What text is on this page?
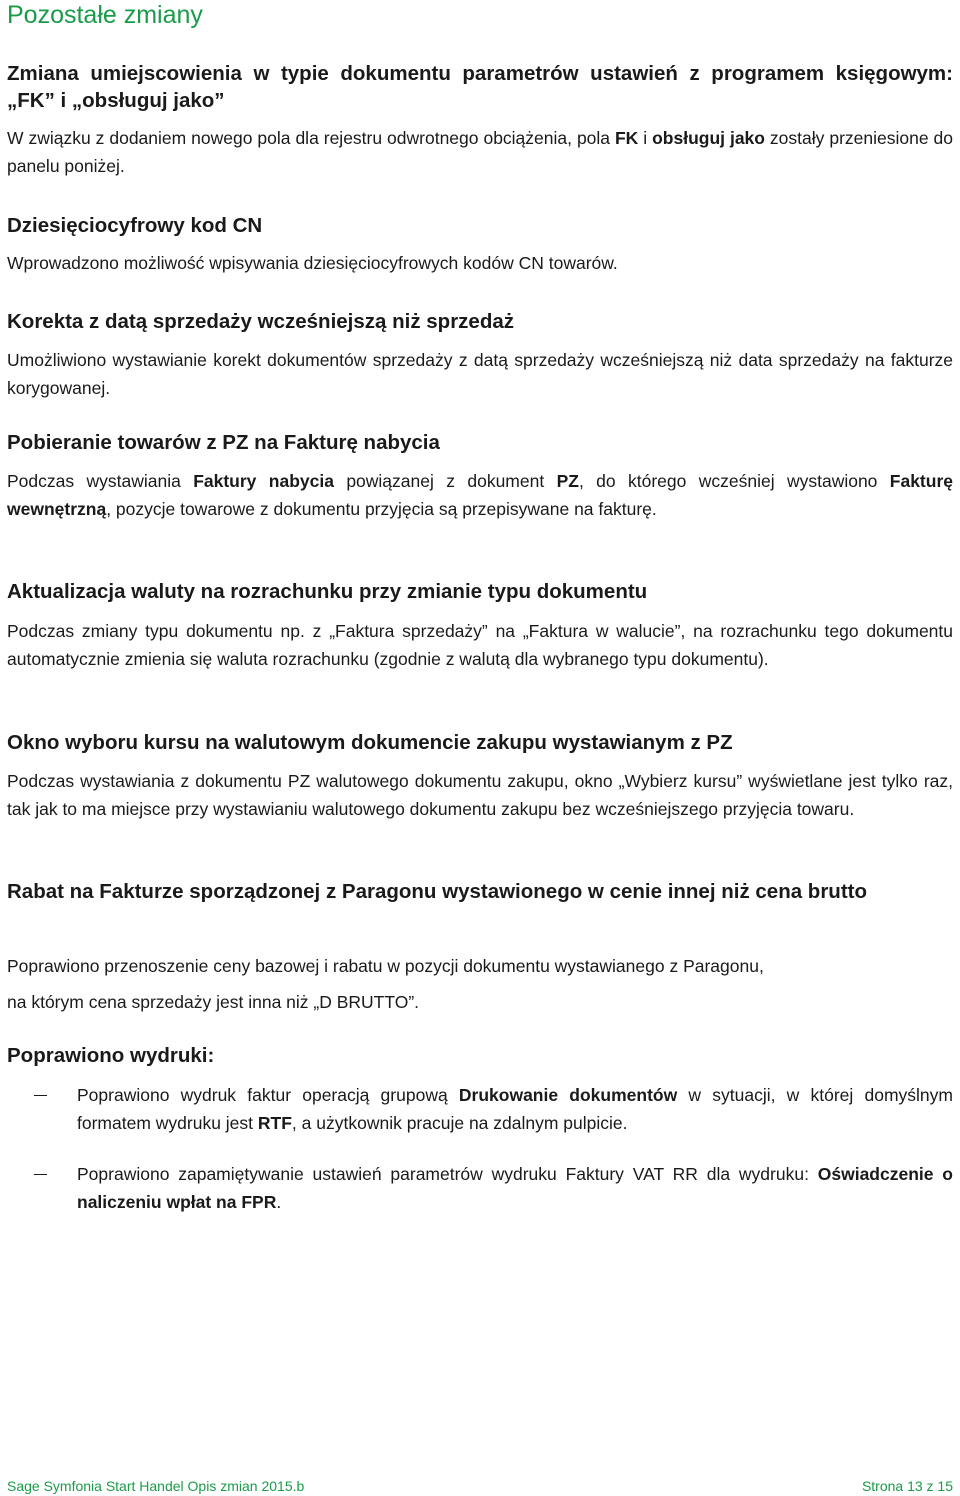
Pozostałe zmiany
Zmiana umiejscowienia w typie dokumentu parametrów ustawień z programem księgowym: „FK” i „obsługuj jako”

W związku z dodaniem nowego pola dla rejestru odwrotnego obciążenia, pola FK i obsługuj jako zostały przeniesione do panelu poniżej.

Dziesięciocyfrowy kod CN

Wprowadzono możliwość wpisywania dziesięciocyfrowych kodów CN towarów.

Korekta z datą sprzedaży wcześniejszą niż sprzedaż

Umożliwiono wystawianie korekt dokumentów sprzedaży z datą sprzedaży wcześniejszą niż data sprzedaży na fakturze korygowanej.

Pobieranie towarów z PZ na Fakturę nabycia

Podczas wystawiania Faktury nabycia powiązanej z dokument PZ, do którego wcześniej wystawiono Fakturę wewnętrzną, pozycje towarowe z dokumentu przyjęcia są przepisywane na fakturę.

Aktualizacja waluty na rozrachunku przy zmianie typu dokumentu

Podczas zmiany typu dokumentu np. z „Faktura sprzedaży” na „Faktura w walucie”, na rozrachunku tego dokumentu automatycznie zmienia się waluta rozrachunku (zgodnie z walutą dla wybranego typu dokumentu).

Okno wyboru kursu na walutowym dokumencie zakupu wystawianym z PZ

Podczas wystawiania z dokumentu PZ walutowego dokumentu zakupu, okno „Wybierz kursu” wyświetlane jest tylko raz, tak jak to ma miejsce przy wystawianiu walutowego dokumentu zakupu bez wcześniejszego przyjęcia towaru.

Rabat na Fakturze sporządzonej z Paragonu wystawionego w cenie innej niż cena brutto

Poprawiono przenoszenie ceny bazowej i rabatu w pozycji dokumentu wystawianego z Paragonu,

na którym cena sprzedaży jest inna niż „D BRUTTO”.

Poprawiono wydruki:

Poprawiono wydruk faktur operacją grupową Drukowanie dokumentów w sytuacji, w której domyślnym formatem wydruku jest RTF, a użytkownik pracuje na zdalnym pulpicie.

Poprawiono zapamiętywanie ustawień parametrów wydruku Faktury VAT RR dla wydruku: Oświadczenie o naliczeniu wpłat na FPR.

Sage Symfonia Start Handel Opis zmian 2015.b	Strona 13 z 15
